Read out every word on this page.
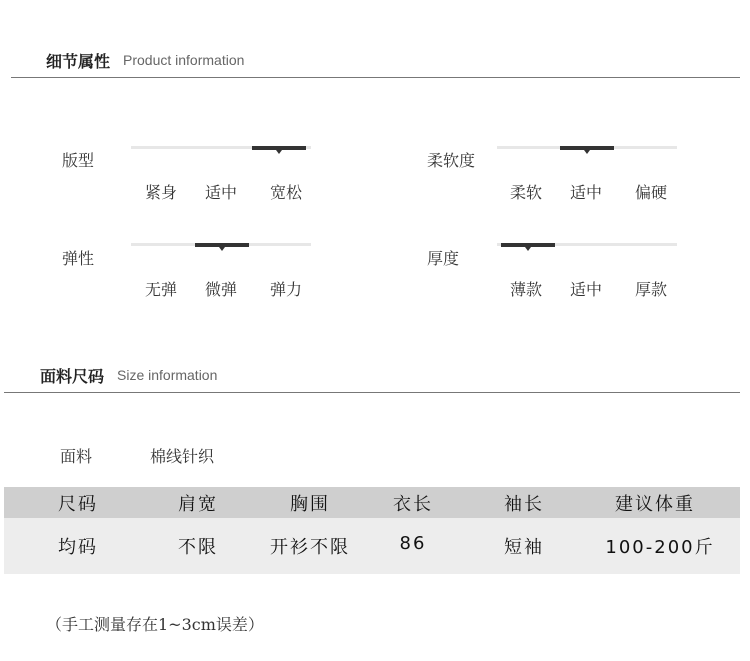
细节属性 Product information
版型
紧身 适中 宽松
柔软度
柔软 适中 偏硬
弹性
无弹 微弹 弹力
厚度
薄款 适中 厚款
面料尺码 Size information
面料	棉线针织
尺码	肩宽	胸围	衣长	袖长	建议体重
均码	不限	开衫不限	86	短袖	100-200斤
（手工测量存在1~3cm误差）
